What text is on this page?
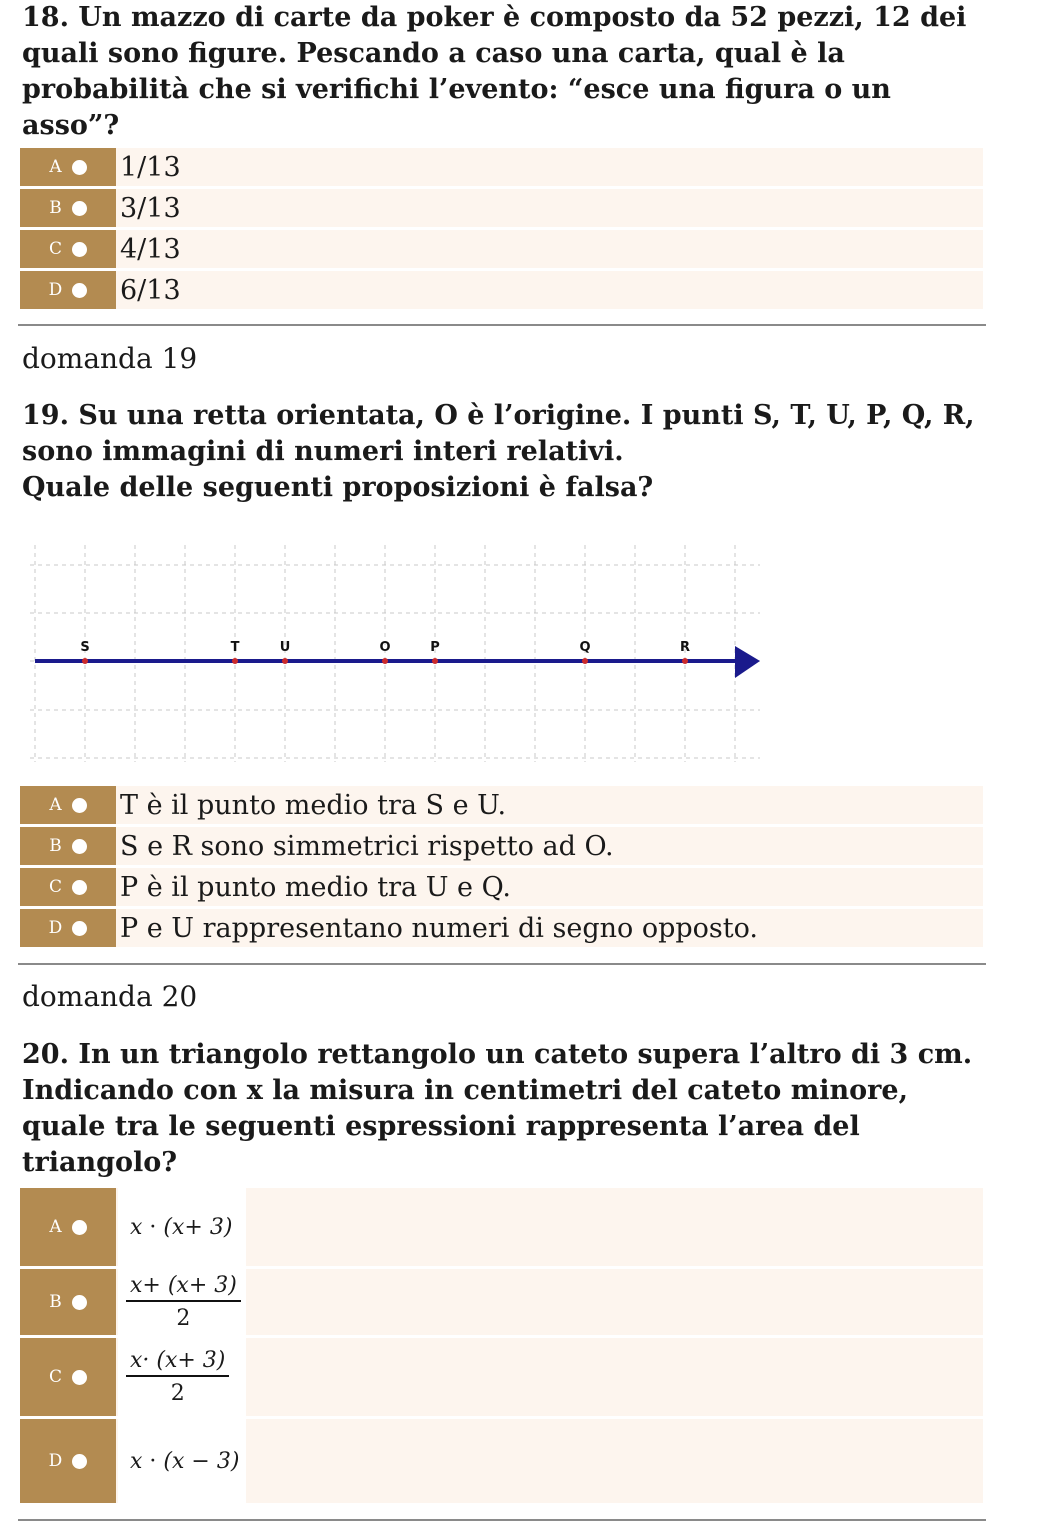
18. Un mazzo di carte da poker è composto da 52 pezzi, 12 dei
quali sono figure. Pescando a caso una carta, qual è la
probabilità che si verifichi l’evento: “esce una figura o un
asso”?
A 1/13
B 3/13
C 4/13
D 6/13
domanda 19
19. Su una retta orientata, O è l’origine. I punti S, T, U, P, Q, R,
sono immagini di numeri interi relativi.
Quale delle seguenti proposizioni è falsa?
S	T	U	O	P	Q	R
A T è il punto medio tra S e U.
B S e R sono simmetrici rispetto ad O.
C P è il punto medio tra U e Q.
D P e U rappresentano numeri di segno opposto.
domanda 20
20. In un triangolo rettangolo un cateto supera l’altro di 3 cm.
Indicando con x la misura in centimetri del cateto minore,
quale tra le seguenti espressioni rappresenta l’area del
triangolo?
A	x
·
(x+ 3)
B	$\frac{x+ (x+ 3)}{2}$
C	$\frac{x\cdot (x+ 3)}{2}$
D	x
·
(x − 3)
